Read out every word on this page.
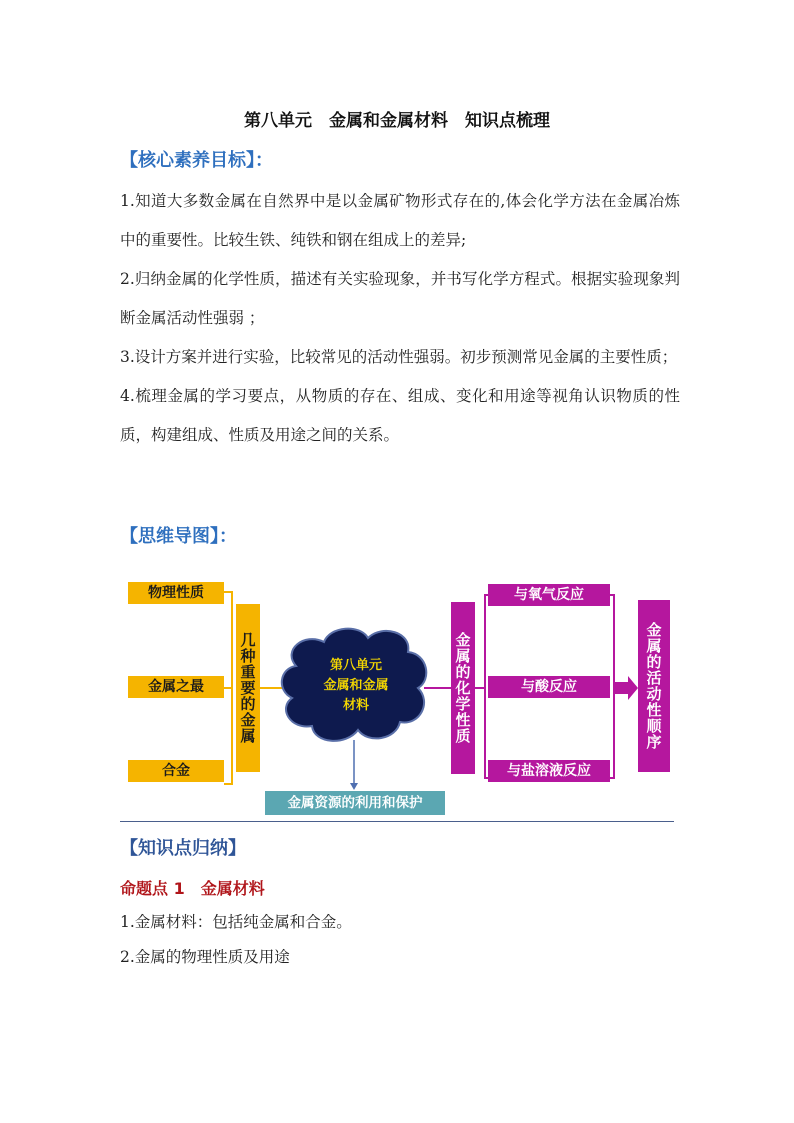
第八单元　金属和金属材料　知识点梳理
【核心素养目标】：

1.知道大多数金属在自然界中是以金属矿物形式存在的,体会化学方法在金属冶炼中的重要性。比较生铁、纯铁和钢在组成上的差异;

2.归纳金属的化学性质，描述有关实验现象，并书写化学方程式。根据实验现象判断金属活动性强弱 ；

3.设计方案并进行实验，比较常见的活动性强弱。初步预测常见金属的主要性质；

4.梳理金属的学习要点，从物质的存在、组成、变化和用途等视角认识物质的性质，构建组成、性质及用途之间的关系。

【思维导图】：
物理性质
金属之最
合金
几种重要的金属	第八单元
金属和金属
材料
金属资源的利用和保护
金属的化学性质
与氧气反应
与酸反应
与盐溶液反应
金属的活动性顺序
【知识点归纳】
命题点 1　金属材料
1.金属材料：包括纯金属和合金。
2.金属的物理性质及用途
